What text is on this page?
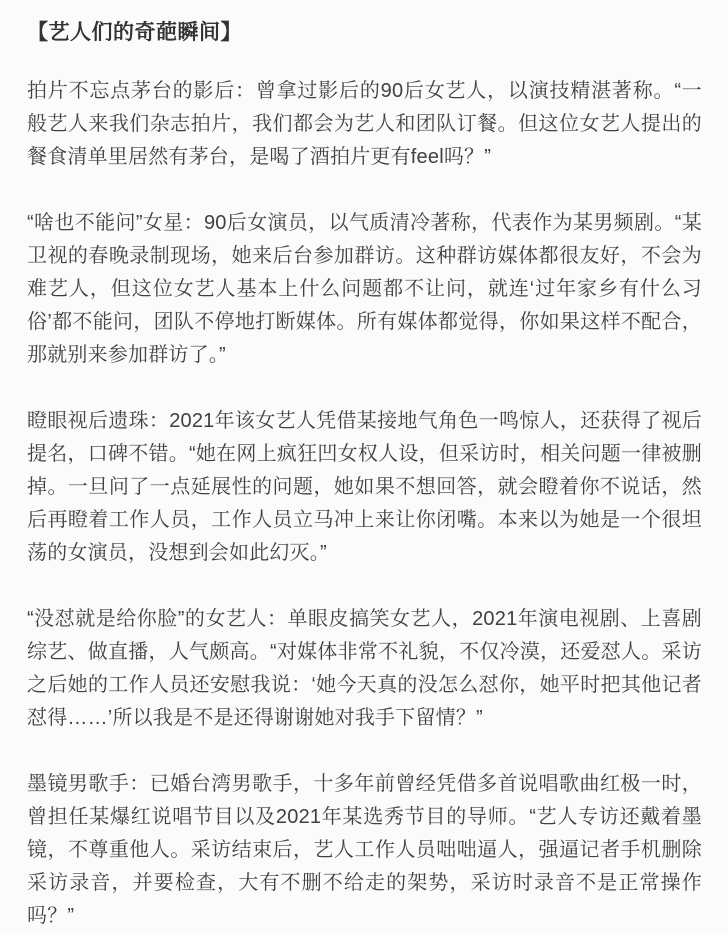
【艺人们的奇葩瞬间】

拍片不忘点茅台的影后：曾拿过影后的90后女艺人，以演技精湛著称。“一般艺人来我们杂志拍片，我们都会为艺人和团队订餐。但这位女艺人提出的餐食清单里居然有茅台，是喝了酒拍片更有feel吗？”

“啥也不能问”女星：90后女演员，以气质清冷著称，代表作为某男频剧。“某卫视的春晚录制现场，她来后台参加群访。这种群访媒体都很友好，不会为难艺人，但这位女艺人基本上什么问题都不让问，就连‘过年家乡有什么习俗’都不能问，团队不停地打断媒体。所有媒体都觉得，你如果这样不配合，那就别来参加群访了。”

瞪眼视后遗珠：2021年该女艺人凭借某接地气角色一鸣惊人，还获得了视后提名，口碑不错。“她在网上疯狂凹女权人设，但采访时，相关问题一律被删掉。一旦问了一点延展性的问题，她如果不想回答，就会瞪着你不说话，然后再瞪着工作人员，工作人员立马冲上来让你闭嘴。本来以为她是一个很坦荡的女演员，没想到会如此幻灭。”

“没怼就是给你脸”的女艺人：单眼皮搞笑女艺人，2021年演电视剧、上喜剧综艺、做直播，人气颇高。“对媒体非常不礼貌，不仅冷漠，还爱怼人。采访之后她的工作人员还安慰我说：‘她今天真的没怎么怼你，她平时把其他记者怼得……’所以我是不是还得谢谢她对我手下留情？”

墨镜男歌手：已婚台湾男歌手，十多年前曾经凭借多首说唱歌曲红极一时，曾担任某爆红说唱节目以及2021年某选秀节目的导师。“艺人专访还戴着墨镜，不尊重他人。采访结束后，艺人工作人员咄咄逼人，强逼记者手机删除采访录音，并要检查，大有不删不给走的架势，采访时录音不是正常操作吗？”
